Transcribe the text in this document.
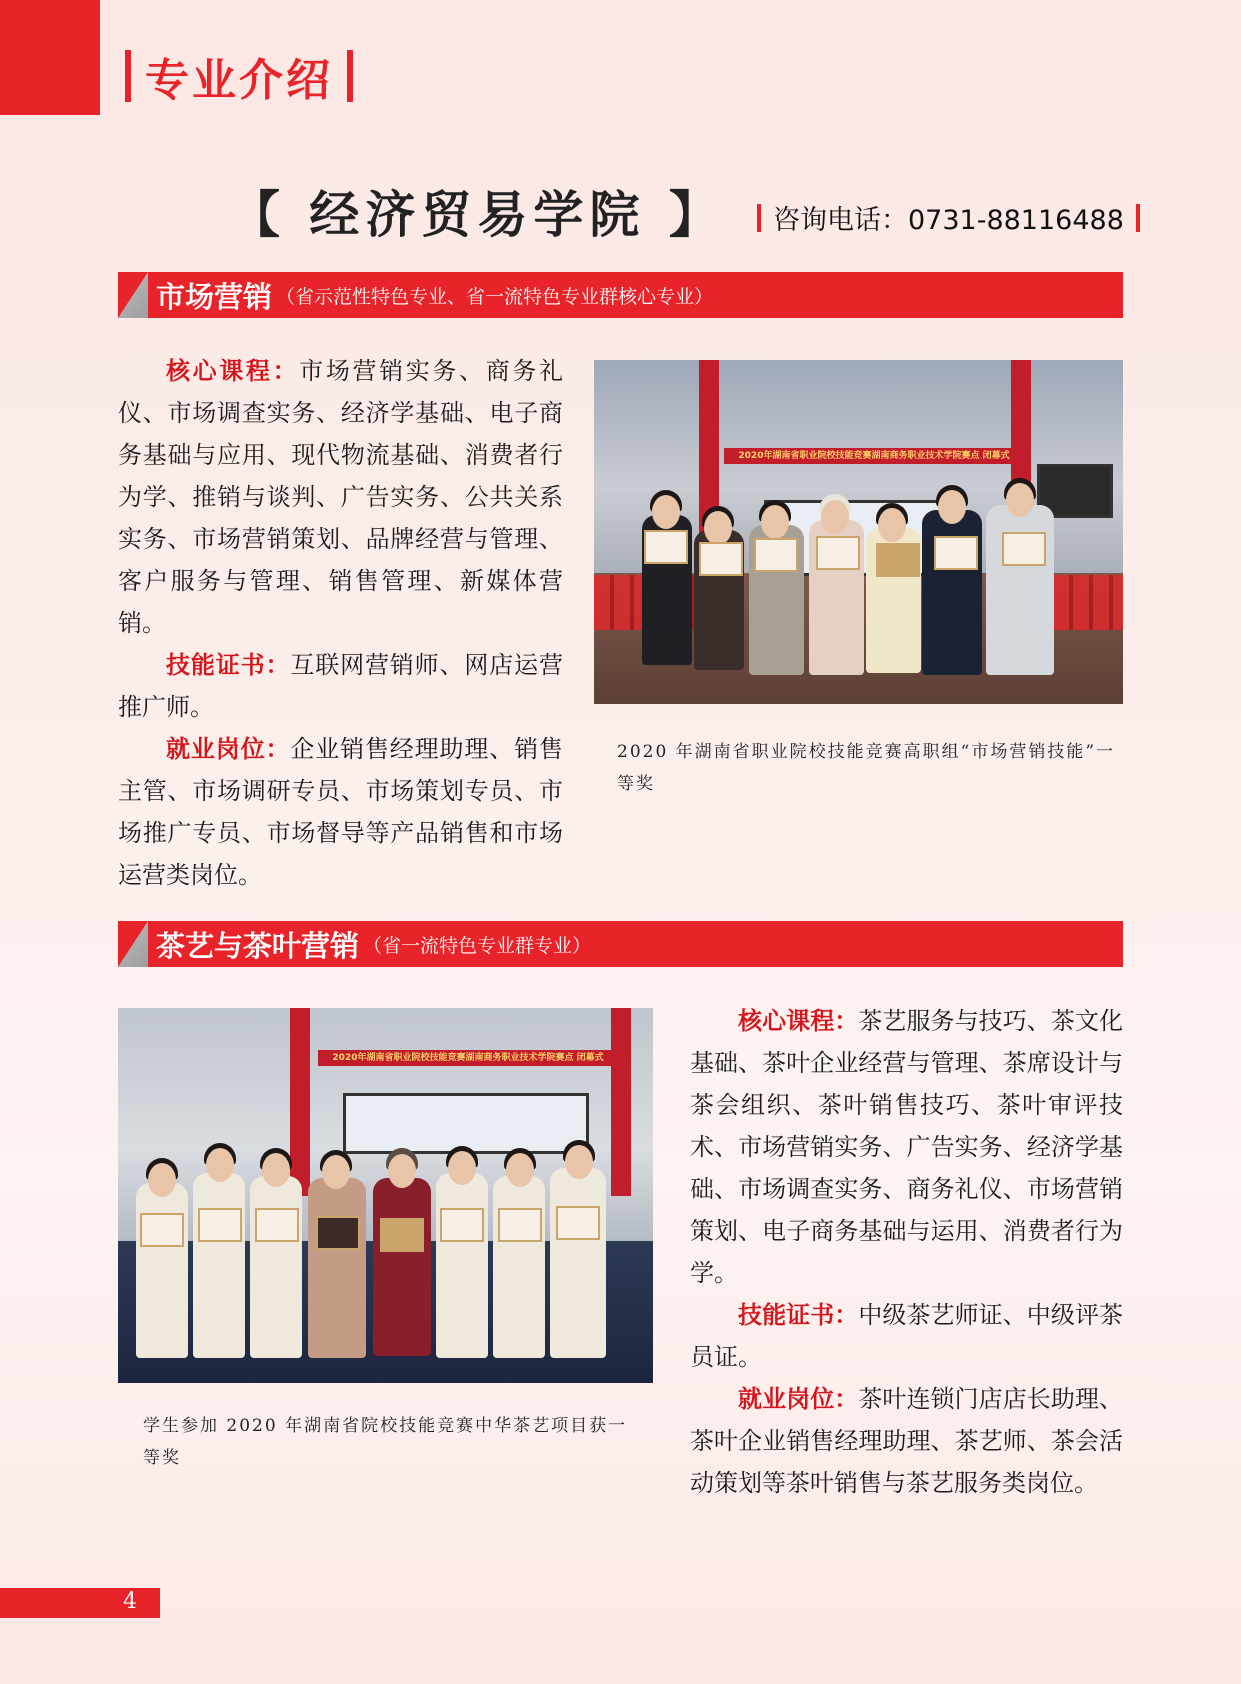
专业介绍
【 经济贸易学院 】 咨询电话：0731-88116488
市场营销 （省示范性特色专业、省一流特色专业群核心专业）

核心课程：市场营销实务、商务礼仪、市场调查实务、经济学基础、电子商务基础与应用、现代物流基础、消费者行为学、推销与谈判、广告实务、公共关系实务、市场营销策划、品牌经营与管理、客户服务与管理、销售管理、新媒体营销。

技能证书：互联网营销师、网店运营推广师。

就业岗位：企业销售经理助理、销售主管、市场调研专员、市场策划专员、市场推广专员、市场督导等产品销售和市场运营类岗位。

2020年湖南省职业院校技能竞赛湖南商务职业技术学院赛点 闭幕式
2020 年湖南省职业院校技能竞赛高职组“市场营销技能”一等奖
茶艺与茶叶营销 （省一流特色专业群专业）
2020年湖南省职业院校技能竞赛湖南商务职业技术学院赛点 闭幕式
学生参加 2020 年湖南省院校技能竞赛中华茶艺项目获一等奖

核心课程：茶艺服务与技巧、茶文化基础、茶叶企业经营与管理、茶席设计与茶会组织、茶叶销售技巧、茶叶审评技术、市场营销实务、广告实务、经济学基础、市场调查实务、商务礼仪、市场营销策划、电子商务基础与运用、消费者行为学。

技能证书：中级茶艺师证、中级评茶员证。

就业岗位：茶叶连锁门店店长助理、茶叶企业销售经理助理、茶艺师、茶会活动策划等茶叶销售与茶艺服务类岗位。

4
